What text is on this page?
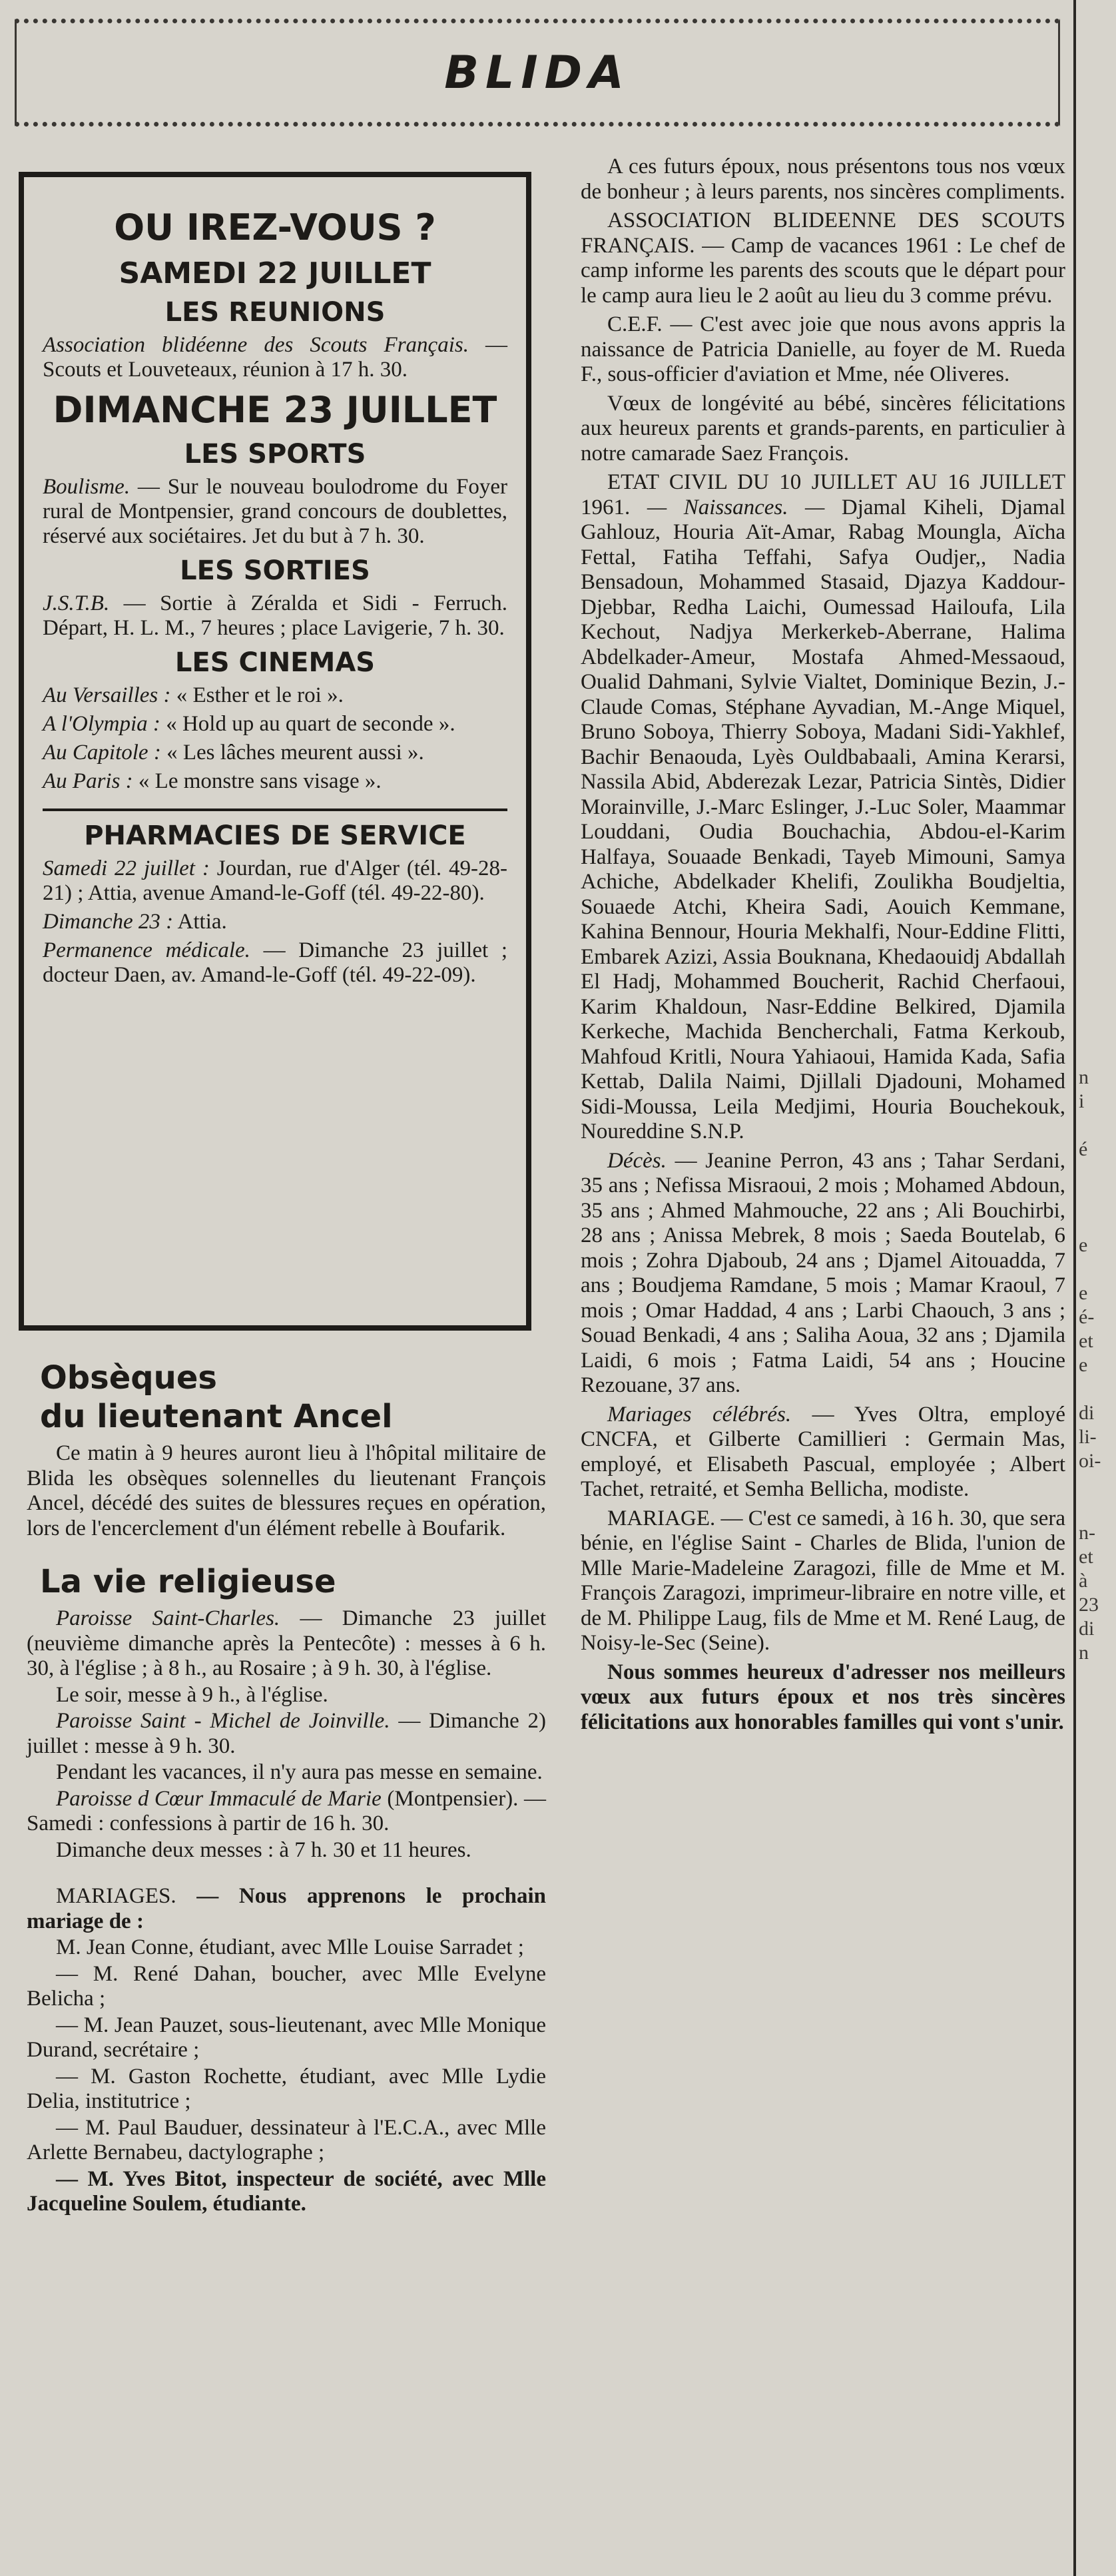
BLIDA
n
i

é

e

e
é-
et
e

di
li-
oi-

n-
et
à
23
di
n
OU IREZ-VOUS ?
SAMEDI 22 JUILLET
LES REUNIONS

Association blidéenne des Scouts Français. — Scouts et Louveteaux, réunion à 17 h. 30.

DIMANCHE 23 JUILLET
LES SPORTS

Boulisme. — Sur le nouveau boulodrome du Foyer rural de Montpensier, grand concours de doublettes, réservé aux sociétaires. Jet du but à 7 h. 30.

LES SORTIES

J.S.T.B. — Sortie à Zéralda et Sidi - Ferruch. Départ, H. L. M., 7 heures ; place Lavigerie, 7 h. 30.

LES CINEMAS

Au Versailles : « Esther et le roi ».

A l'Olympia : « Hold up au quart de seconde ».

Au Capitole : « Les lâches meurent aussi ».

Au Paris : « Le monstre sans visage ».

PHARMACIES DE SERVICE

Samedi 22 juillet : Jourdan, rue d'Alger (tél. 49-28-21) ; Attia, avenue Amand-le-Goff (tél. 49-22-80).

Dimanche 23 : Attia.

Permanence médicale. — Dimanche 23 juillet ; docteur Daen, av. Amand-le-Goff (tél. 49-22-09).

Obsèques
du lieutenant Ancel

Ce matin à 9 heures auront lieu à l'hôpital militaire de Blida les obsèques solennelles du lieutenant François Ancel, décédé des suites de blessures reçues en opération, lors de l'encerclement d'un élément rebelle à Boufarik.

La vie religieuse

Paroisse Saint-Charles. — Dimanche 23 juillet (neuvième dimanche après la Pentecôte) : messes à 6 h. 30, à l'église ; à 8 h., au Rosaire ; à 9 h. 30, à l'église.

Le soir, messe à 9 h., à l'église.

Paroisse Saint - Michel de Joinville. — Dimanche 2) juillet : messe à 9 h. 30.

Pendant les vacances, il n'y aura pas messe en semaine.

Paroisse d Cœur Immaculé de Marie (Montpensier). — Samedi : confessions à partir de 16 h. 30.

Dimanche deux messes : à 7 h. 30 et 11 heures.

MARIAGES. — Nous apprenons le prochain mariage de :

M. Jean Conne, étudiant, avec Mlle Louise Sarradet ;

— M. René Dahan, boucher, avec Mlle Evelyne Belicha ;

— M. Jean Pauzet, sous-lieutenant, avec Mlle Monique Durand, secrétaire ;

— M. Gaston Rochette, étudiant, avec Mlle Lydie Delia, institutrice ;

— M. Paul Bauduer, dessinateur à l'E.C.A., avec Mlle Arlette Bernabeu, dactylographe ;

— M. Yves Bitot, inspecteur de société, avec Mlle Jacqueline Soulem, étudiante.

A ces futurs époux, nous présentons tous nos vœux de bonheur ; à leurs parents, nos sincères compliments.

ASSOCIATION BLIDEENNE DES SCOUTS FRANÇAIS. — Camp de vacances 1961 : Le chef de camp informe les parents des scouts que le départ pour le camp aura lieu le 2 août au lieu du 3 comme prévu.

C.E.F. — C'est avec joie que nous avons appris la naissance de Patricia Danielle, au foyer de M. Rueda F., sous-officier d'aviation et Mme, née Oliveres.

Vœux de longévité au bébé, sincères félicitations aux heureux parents et grands-parents, en particulier à notre camarade Saez François.

ETAT CIVIL DU 10 JUILLET AU 16 JUILLET 1961. — Naissances. — Djamal Kiheli, Djamal Gahlouz, Houria Aït-Amar, Rabag Moungla, Aïcha Fettal, Fatiha Teffahi, Safya Oudjer,, Nadia Bensadoun, Mohammed Stasaid, Djazya Kaddour-Djebbar, Redha Laichi, Oumessad Hailoufa, Lila Kechout, Nadjya Merkerkeb-Aberrane, Halima Abdelkader-Ameur, Mostafa Ahmed-Messaoud, Oualid Dahmani, Sylvie Vialtet, Dominique Bezin, J.-Claude Comas, Stéphane Ayvadian, M.-Ange Miquel, Bruno Soboya, Thierry Soboya, Madani Sidi-Yakhlef, Bachir Benaouda, Lyès Ouldbabaali, Amina Kerarsi, Nassila Abid, Abderezak Lezar, Patricia Sintès, Didier Morainville, J.-Marc Eslinger, J.-Luc Soler, Maammar Louddani, Oudia Bouchachia, Abdou-el-Karim Halfaya, Souaade Benkadi, Tayeb Mimouni, Samya Achiche, Abdelkader Khelifi, Zoulikha Boudjeltia, Souaede Atchi, Kheira Sadi, Aouich Kemmane, Kahina Bennour, Houria Mekhalfi, Nour-Eddine Flitti, Embarek Azizi, Assia Bouknana, Khedaouidj Abdallah El Hadj, Mohammed Boucherit, Rachid Cherfaoui, Karim Khaldoun, Nasr-Eddine Belkired, Djamila Kerkeche, Machida Bencherchali, Fatma Kerkoub, Mahfoud Kritli, Noura Yahiaoui, Hamida Kada, Safia Kettab, Dalila Naimi, Djillali Djadouni, Mohamed Sidi-Moussa, Leila Medjimi, Houria Bouchekouk, Noureddine S.N.P.

Décès. — Jeanine Perron, 43 ans ; Tahar Serdani, 35 ans ; Nefissa Misraoui, 2 mois ; Mohamed Abdoun, 35 ans ; Ahmed Mahmouche, 22 ans ; Ali Bouchirbi, 28 ans ; Anissa Mebrek, 8 mois ; Saeda Boutelab, 6 mois ; Zohra Djaboub, 24 ans ; Djamel Aitouadda, 7 ans ; Boudjema Ramdane, 5 mois ; Mamar Kraoul, 7 mois ; Omar Haddad, 4 ans ; Larbi Chaouch, 3 ans ; Souad Benkadi, 4 ans ; Saliha Aoua, 32 ans ; Djamila Laidi, 6 mois ; Fatma Laidi, 54 ans ; Houcine Rezouane, 37 ans.

Mariages célébrés. — Yves Oltra, employé CNCFA, et Gilberte Camillieri : Germain Mas, employé, et Elisabeth Pascual, employée ; Albert Tachet, retraité, et Semha Bellicha, modiste.

MARIAGE. — C'est ce samedi, à 16 h. 30, que sera bénie, en l'église Saint - Charles de Blida, l'union de Mlle Marie-Madeleine Zaragozi, fille de Mme et M. François Zaragozi, imprimeur-libraire en notre ville, et de M. Philippe Laug, fils de Mme et M. René Laug, de Noisy-le-Sec (Seine).

Nous sommes heureux d'adresser nos meilleurs vœux aux futurs époux et nos très sincères félicitations aux honorables familles qui vont s'unir.
